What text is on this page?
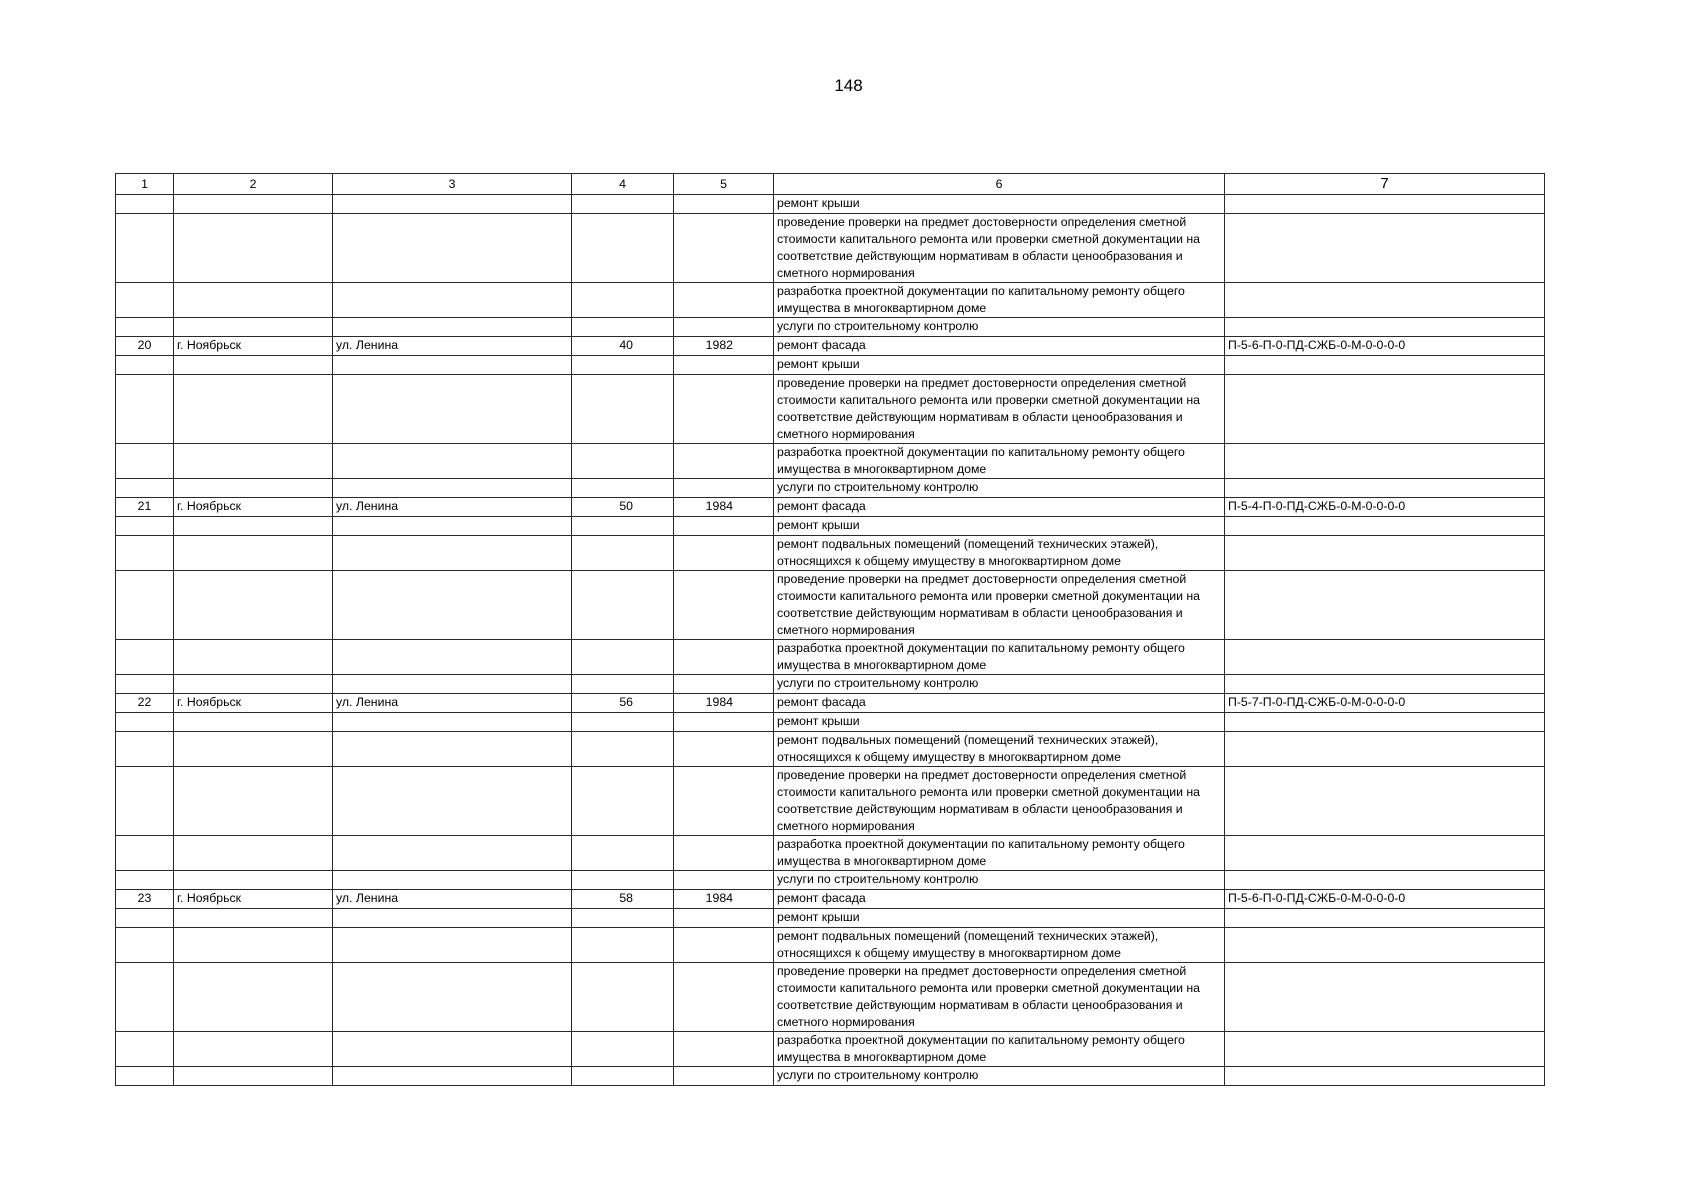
148
1	2	3	4	5	6	7
					ремонт крыши	
					проведение проверки на предмет достоверности определения сметной стоимости капитального ремонта или проверки сметной документации на соответствие действующим нормативам в области ценообразования и сметного нормирования	
					разработка проектной документации по капитальному ремонту общего имущества в многоквартирном доме	
					услуги по строительному контролю	
20	г. Ноябрьск	ул. Ленина	40	1982	ремонт фасада	П-5-6-П-0-ПД-СЖБ-0-М-0-0-0-0
					ремонт крыши	
					проведение проверки на предмет достоверности определения сметной стоимости капитального ремонта или проверки сметной документации на соответствие действующим нормативам в области ценообразования и сметного нормирования	
					разработка проектной документации по капитальному ремонту общего имущества в многоквартирном доме	
					услуги по строительному контролю	
21	г. Ноябрьск	ул. Ленина	50	1984	ремонт фасада	П-5-4-П-0-ПД-СЖБ-0-М-0-0-0-0
					ремонт крыши	
					ремонт подвальных помещений (помещений технических этажей), относящихся к общему имуществу в многоквартирном доме	
					проведение проверки на предмет достоверности определения сметной стоимости капитального ремонта или проверки сметной документации на соответствие действующим нормативам в области ценообразования и сметного нормирования	
					разработка проектной документации по капитальному ремонту общего имущества в многоквартирном доме	
					услуги по строительному контролю	
22	г. Ноябрьск	ул. Ленина	56	1984	ремонт фасада	П-5-7-П-0-ПД-СЖБ-0-М-0-0-0-0
					ремонт крыши	
					ремонт подвальных помещений (помещений технических этажей), относящихся к общему имуществу в многоквартирном доме	
					проведение проверки на предмет достоверности определения сметной стоимости капитального ремонта или проверки сметной документации на соответствие действующим нормативам в области ценообразования и сметного нормирования	
					разработка проектной документации по капитальному ремонту общего имущества в многоквартирном доме	
					услуги по строительному контролю	
23	г. Ноябрьск	ул. Ленина	58	1984	ремонт фасада	П-5-6-П-0-ПД-СЖБ-0-М-0-0-0-0
					ремонт крыши	
					ремонт подвальных помещений (помещений технических этажей), относящихся к общему имуществу в многоквартирном доме	
					проведение проверки на предмет достоверности определения сметной стоимости капитального ремонта или проверки сметной документации на соответствие действующим нормативам в области ценообразования и сметного нормирования	
					разработка проектной документации по капитальному ремонту общего имущества в многоквартирном доме	
					услуги по строительному контролю	
